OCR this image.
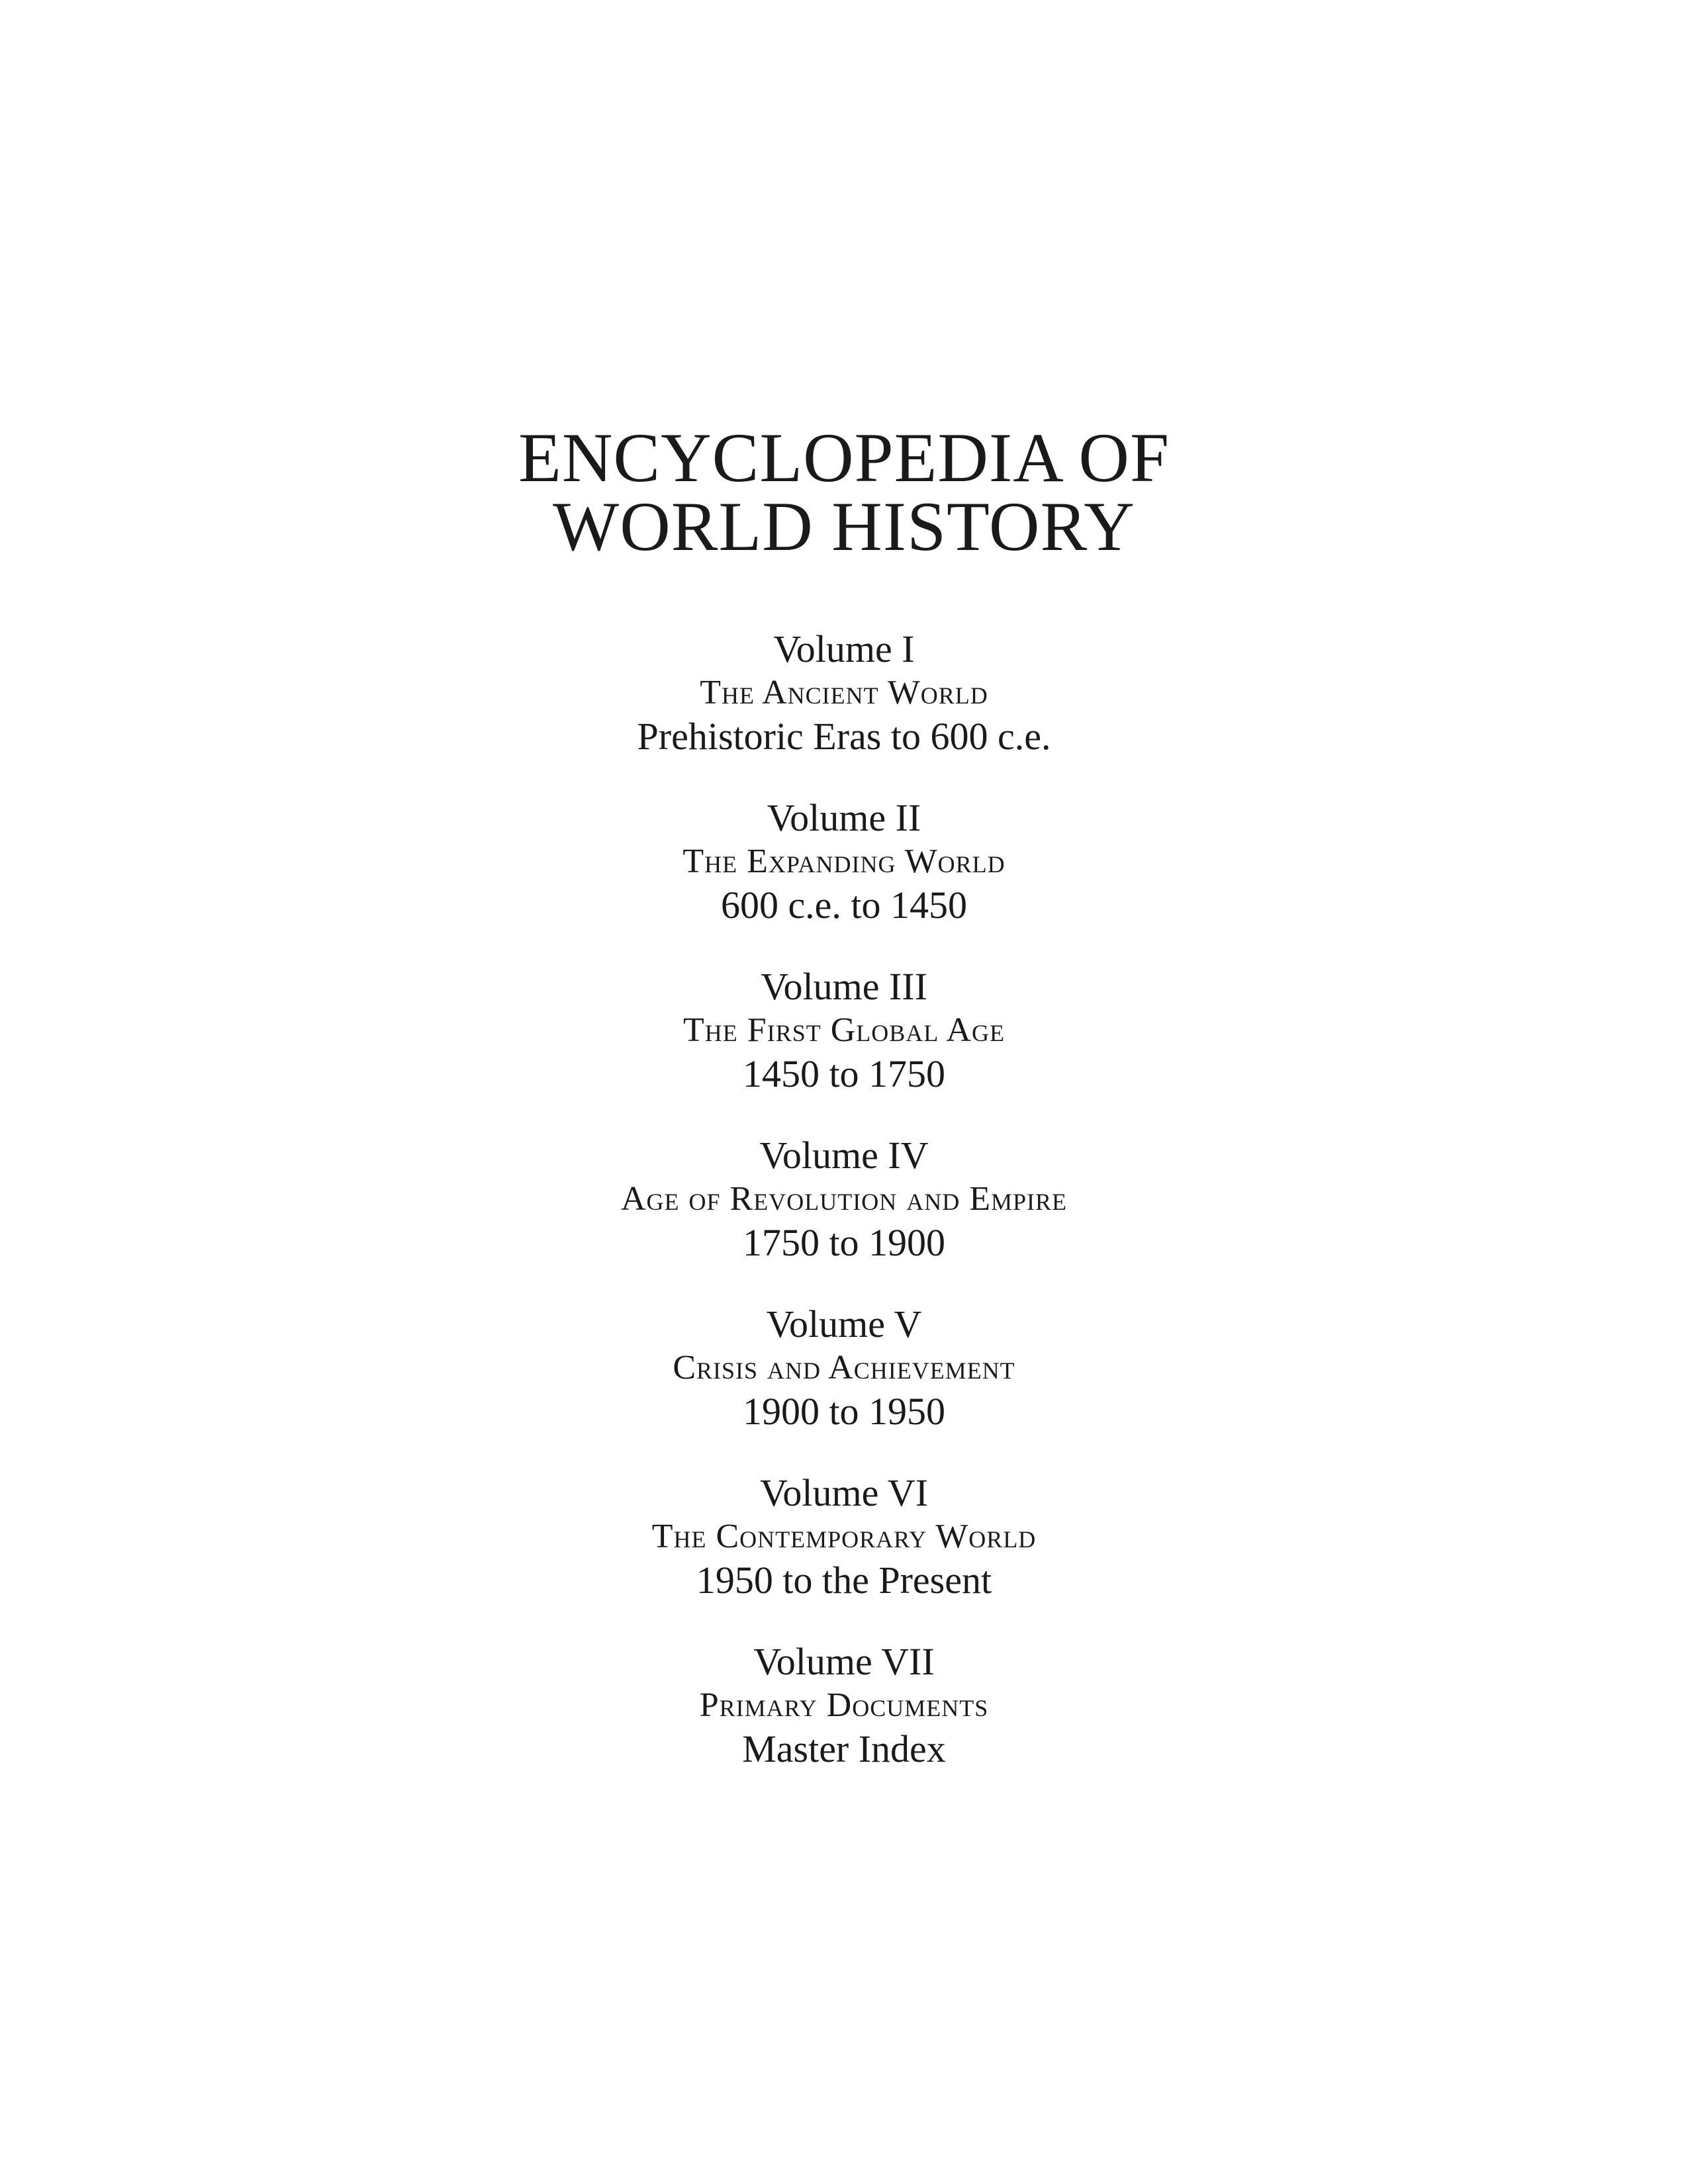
ENCYCLOPEDIA OF
WORLD HISTORY
Volume I
The Ancient World
Prehistoric Eras to 600 c.e.
Volume II
The Expanding World
600 c.e. to 1450
Volume III
The First Global Age
1450 to 1750
Volume IV
Age of Revolution and Empire
1750 to 1900
Volume V
Crisis and Achievement
1900 to 1950
Volume VI
The Contemporary World
1950 to the Present
Volume VII
Primary Documents
Master Index
